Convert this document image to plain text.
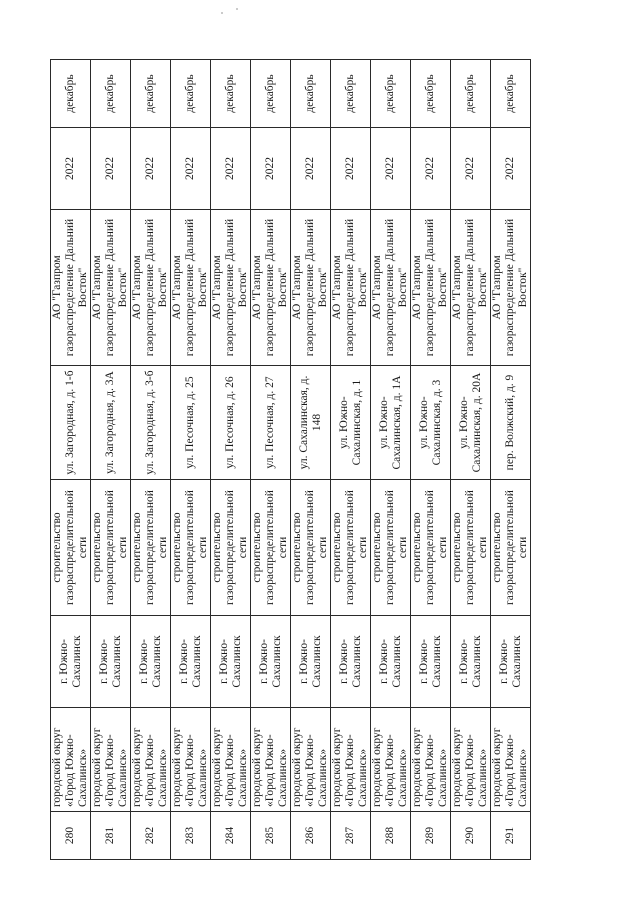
280	городской округ «Город Южно-Сахалинск»	г. Южно-Сахалинск	строительство газораспределительной сети	ул. Загородная, д. 1-б	АО "Газпром газораспределение Дальний Восток"	2022	декабрь
281	городской округ «Город Южно-Сахалинск»	г. Южно-Сахалинск	строительство газораспределительной сети	ул. Загородная, д. 3А	АО "Газпром газораспределение Дальний Восток"	2022	декабрь
282	городской округ «Город Южно-Сахалинск»	г. Южно-Сахалинск	строительство газораспределительной сети	ул. Загородная, д. 3-б	АО "Газпром газораспределение Дальний Восток"	2022	декабрь
283	городской округ «Город Южно-Сахалинск»	г. Южно-Сахалинск	строительство газораспределительной сети	ул. Песочная, д. 25	АО "Газпром газораспределение Дальний Восток"	2022	декабрь
284	городской округ «Город Южно-Сахалинск»	г. Южно-Сахалинск	строительство газораспределительной сети	ул. Песочная, д. 26	АО "Газпром газораспределение Дальний Восток"	2022	декабрь
285	городской округ «Город Южно-Сахалинск»	г. Южно-Сахалинск	строительство газораспределительной сети	ул. Песочная, д. 27	АО "Газпром газораспределение Дальний Восток"	2022	декабрь
286	городской округ «Город Южно-Сахалинск»	г. Южно-Сахалинск	строительство газораспределительной сети	ул. Сахалинская, д. 148	АО "Газпром газораспределение Дальний Восток"	2022	декабрь
287	городской округ «Город Южно-Сахалинск»	г. Южно-Сахалинск	строительство газораспределительной сети	ул. Южно-Сахалинская, д. 1	АО "Газпром газораспределение Дальний Восток"	2022	декабрь
288	городской округ «Город Южно-Сахалинск»	г. Южно-Сахалинск	строительство газораспределительной сети	ул. Южно-Сахалинская, д. 1А	АО "Газпром газораспределение Дальний Восток"	2022	декабрь
289	городской округ «Город Южно-Сахалинск»	г. Южно-Сахалинск	строительство газораспределительной сети	ул. Южно-Сахалинская, д. 3	АО "Газпром газораспределение Дальний Восток"	2022	декабрь
290	городской округ «Город Южно-Сахалинск»	г. Южно-Сахалинск	строительство газораспределительной сети	ул. Южно-Сахалинская, д. 20А	АО "Газпром газораспределение Дальний Восток"	2022	декабрь
291	городской округ «Город Южно-Сахалинск»	г. Южно-Сахалинск	строительство газораспределительной сети	пер. Волжский, д. 9	АО "Газпром газораспределение Дальний Восток"	2022	декабрь
